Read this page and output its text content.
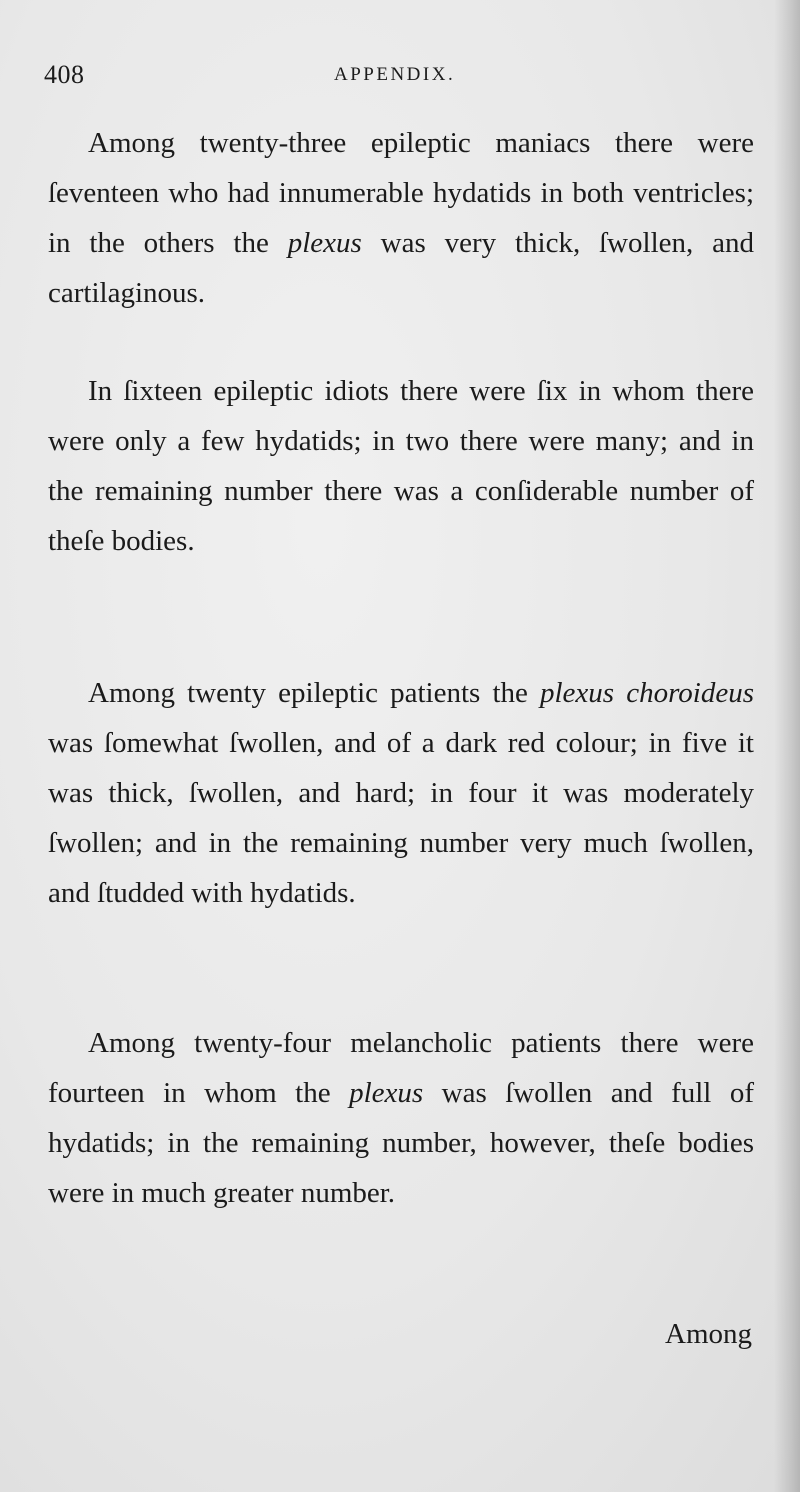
408	APPENDIX.

Among twenty-three epileptic maniacs there were ſeventeen who had innumerable hydatids in both ventricles; in the others the plexus was very thick, ſwollen, and cartilaginous.

In ſixteen epileptic idiots there were ſix in whom there were only a few hydatids; in two there were many; and in the remaining number there was a conſiderable number of theſe bodies.

Among twenty epileptic patients the plexus choroideus was ſomewhat ſwollen, and of a dark red colour; in five it was thick, ſwollen, and hard; in four it was moderately ſwollen; and in the remaining number very much ſwollen, and ſtudded with hydatids.

Among twenty-four melancholic patients there were fourteen in whom the plexus was ſwollen and full of hydatids; in the remaining number, however, theſe bodies were in much greater number.

Among
